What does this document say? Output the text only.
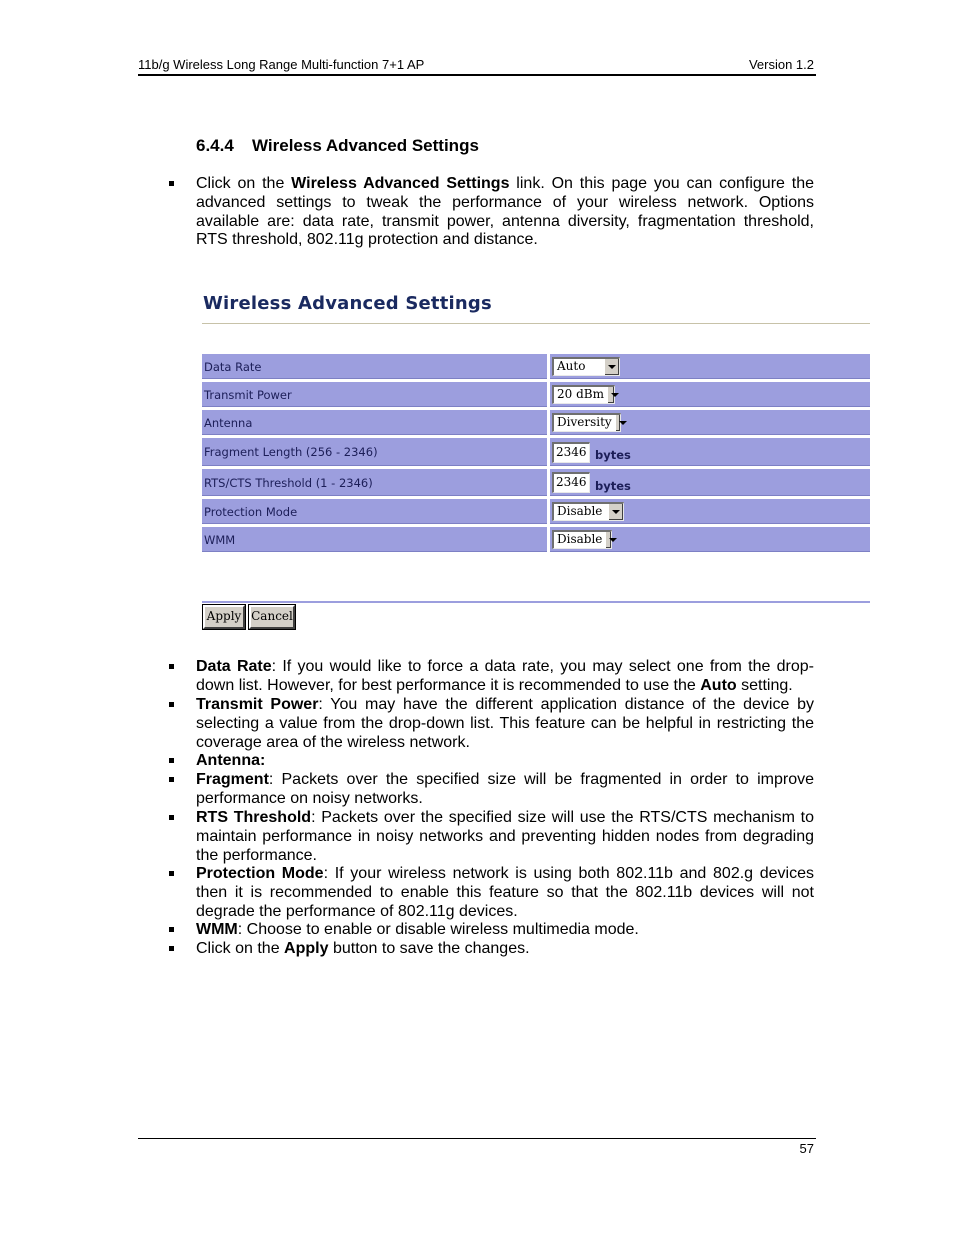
11b/g Wireless Long Range Multi-function 7+1 AP	Version 1.2
6.4.4 Wireless Advanced Settings
Click on the Wireless Advanced Settings link. On this page you can configure the advanced settings to tweak the performance of your wireless network. Options available are: data rate, transmit power, antenna diversity, fragmentation threshold, RTS threshold, 802.11g protection and distance.
Wireless Advanced Settings
Data Rate	Auto
Transmit Power	20 dBm
Antenna	Diversity
Fragment Length (256 - 2346)	2346 bytes
RTS/CTS Threshold (1 - 2346)	2346 bytes
Protection Mode	Disable
WMM	Disable
Apply Cancel
Data Rate: If you would like to force a data rate, you may select one from the drop-down list. However, for best performance it is recommended to use the Auto setting.
Transmit Power: You may have the different application distance of the device by selecting a value from the drop-down list. This feature can be helpful in restricting the coverage area of the wireless network.
Antenna:
Fragment: Packets over the specified size will be fragmented in order to improve performance on noisy networks.
RTS Threshold: Packets over the specified size will use the RTS/CTS mechanism to maintain performance in noisy networks and preventing hidden nodes from degrading the performance.
Protection Mode: If your wireless network is using both 802.11b and 802.g devices then it is recommended to enable this feature so that the 802.11b devices will not degrade the performance of 802.11g devices.
WMM: Choose to enable or disable wireless multimedia mode.
Click on the Apply button to save the changes.
57
